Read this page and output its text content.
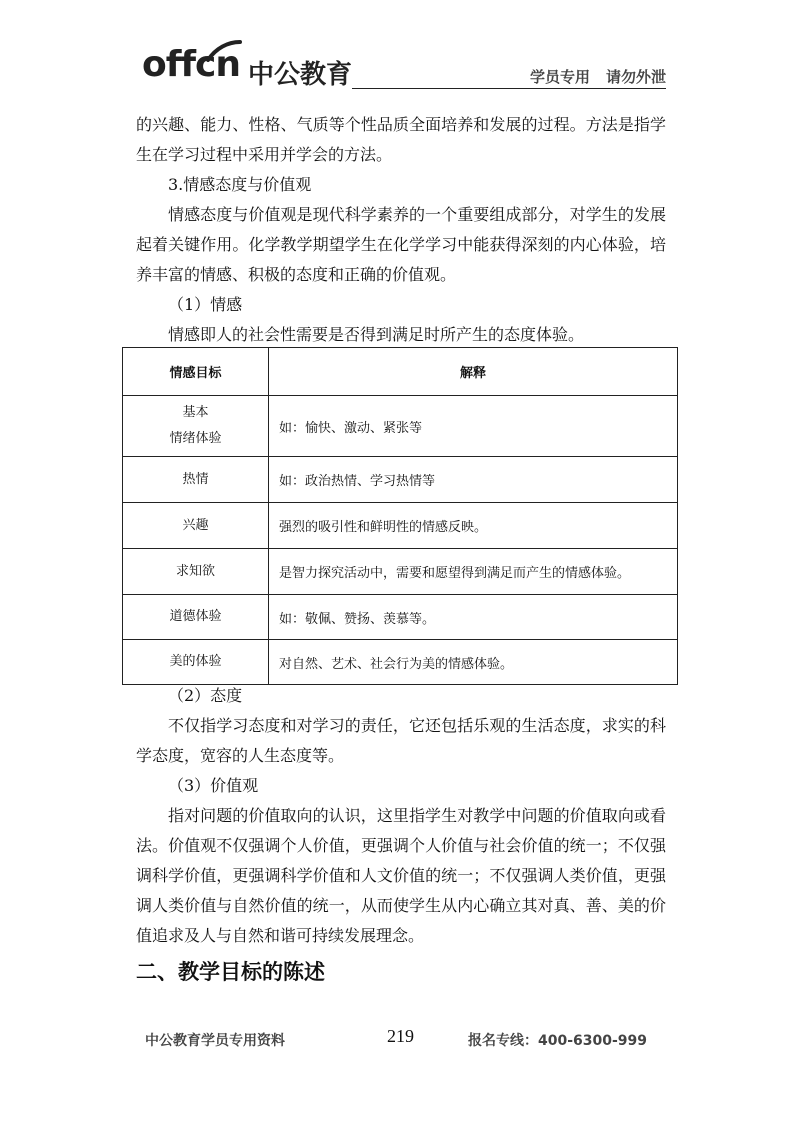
offcn 中公教育	学员专用 请勿外泄

的兴趣、能力、性格、气质等个性品质全面培养和发展的过程。方法是指学生在学习过程中采用并学会的方法。

3.情感态度与价值观

情感态度与价值观是现代科学素养的一个重要组成部分，对学生的发展起着关键作用。化学教学期望学生在化学学习中能获得深刻的内心体验，培养丰富的情感、积极的态度和正确的价值观。

（1）情感

情感即人的社会性需要是否得到满足时所产生的态度体验。

情感目标	解释
基本
情绪体验	如：愉快、激动、紧张等
热情	如：政治热情、学习热情等
兴趣	强烈的吸引性和鲜明性的情感反映。
求知欲	是智力探究活动中，需要和愿望得到满足而产生的情感体验。
道德体验	如：敬佩、赞扬、羡慕等。
美的体验	对自然、艺术、社会行为美的情感体验。

（2）态度

不仅指学习态度和对学习的责任，它还包括乐观的生活态度，求实的科学态度，宽容的人生态度等。

（3）价值观

指对问题的价值取向的认识，这里指学生对教学中问题的价值取向或看法。价值观不仅强调个人价值，更强调个人价值与社会价值的统一；不仅强调科学价值，更强调科学价值和人文价值的统一；不仅强调人类价值，更强调人类价值与自然价值的统一，从而使学生从内心确立其对真、善、美的价值追求及人与自然和谐可持续发展理念。

二、教学目标的陈述
中公教育学员专用资料	219	报名专线：400-6300-999
